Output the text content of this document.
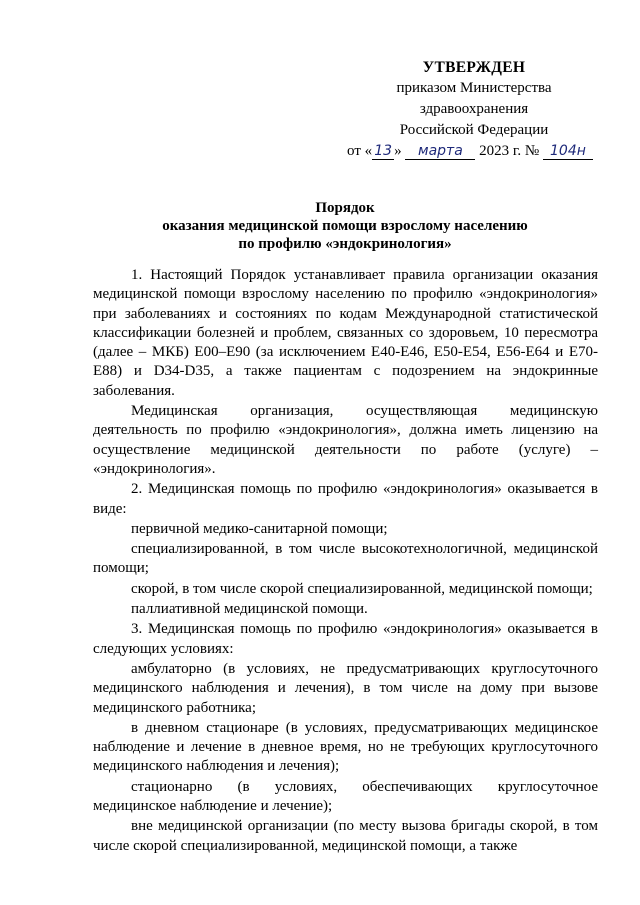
УТВЕРЖДЕН
приказом Министерства
здравоохранения
Российской Федерации
от « 13 » марта 2023 г. № 104н
Порядок
оказания медицинской помощи взрослому населению
по профилю «эндокринология»

1. Настоящий Порядок устанавливает правила организации оказания медицинской помощи взрослому населению по профилю «эндокринология» при заболеваниях и состояниях по кодам Международной статистической классификации болезней и проблем, связанных со здоровьем, 10 пересмотра (далее – МКБ) E00–E90 (за исключением E40-E46, E50-E54, E56-E64 и E70-E88) и D34-D35, а также пациентам с подозрением на эндокринные заболевания.

Медицинская организация, осуществляющая медицинскую деятельность по профилю «эндокринология», должна иметь лицензию на осуществление медицинской деятельности по работе (услуге) – «эндокринология».

2. Медицинская помощь по профилю «эндокринология» оказывается в виде:

первичной медико-санитарной помощи;

специализированной, в том числе высокотехнологичной, медицинской помощи;

скорой, в том числе скорой специализированной, медицинской помощи;

паллиативной медицинской помощи.

3. Медицинская помощь по профилю «эндокринология» оказывается в следующих условиях:

амбулаторно (в условиях, не предусматривающих круглосуточного медицинского наблюдения и лечения), в том числе на дому при вызове медицинского работника;

в дневном стационаре (в условиях, предусматривающих медицинское наблюдение и лечение в дневное время, но не требующих круглосуточного медицинского наблюдения и лечения);

стационарно (в условиях, обеспечивающих круглосуточное медицинское наблюдение и лечение);

вне медицинской организации (по месту вызова бригады скорой, в том числе скорой специализированной, медицинской помощи, а также
